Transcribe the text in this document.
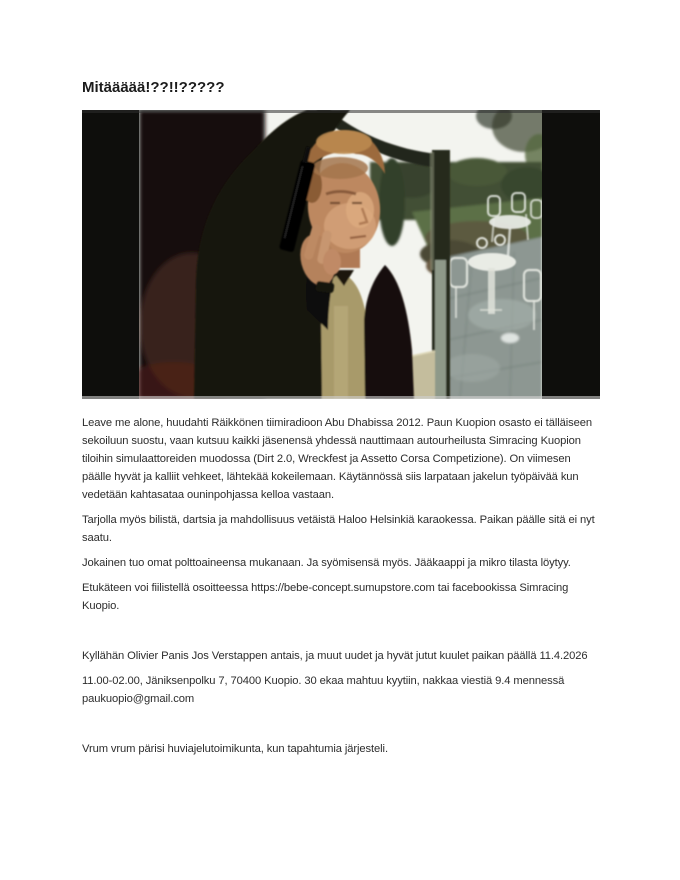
Mitäääää!??!!?????

Leave me alone, huudahti Räikkönen tiimiradioon Abu Dhabissa 2012. Paun Kuopion osasto ei tälläiseen sekoiluun suostu, vaan kutsuu kaikki jäsenensä yhdessä nauttimaan autourheilusta Simracing Kuopion tiloihin simulaattoreiden muodossa (Dirt 2.0, Wreckfest ja Assetto Corsa Competizione). On viimesen päälle hyvät ja kalliit vehkeet, lähtekää kokeilemaan. Käytännössä siis larpataan jakelun työpäivää kun vedetään kahtasataa ouninpohjassa kelloa vastaan.

Tarjolla myös bilistä, dartsia ja mahdollisuus vetäistä Haloo Helsinkiä karaokessa. Paikan päälle sitä ei nyt saatu.

Jokainen tuo omat polttoaineensa mukanaan. Ja syömisensä myös. Jääkaappi ja mikro tilasta löytyy.

Etukäteen voi fiilistellä osoitteessa https://bebe-concept.sumupstore.com tai facebookissa Simracing Kuopio.

Kyllähän Olivier Panis Jos Verstappen antais, ja muut uudet ja hyvät jutut kuulet paikan päällä 11.4.2026

11.00-02.00, Jäniksenpolku 7, 70400 Kuopio. 30 ekaa mahtuu kyytiin, nakkaa viestiä 9.4 mennessä paukuopio@gmail.com

Vrum vrum pärisi huviajelutoimikunta, kun tapahtumia järjesteli.
